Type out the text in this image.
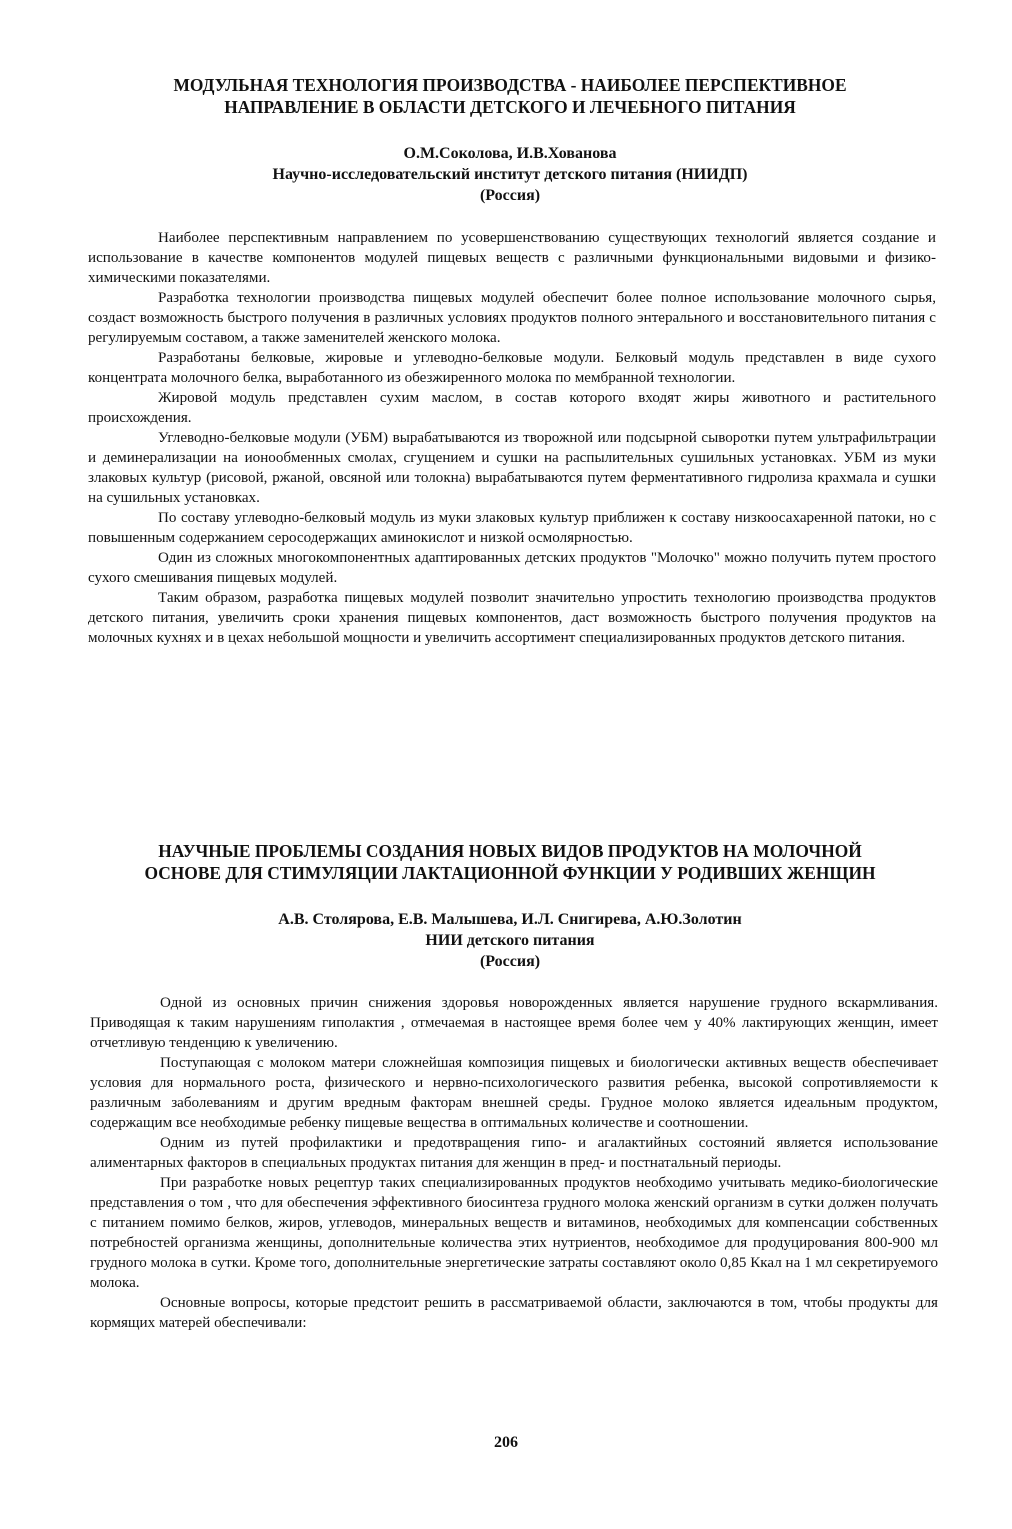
МОДУЛЬНАЯ ТЕХНОЛОГИЯ ПРОИЗВОДСТВА - НАИБОЛЕЕ ПЕРСПЕКТИВНОЕ
НАПРАВЛЕНИЕ В ОБЛАСТИ ДЕТСКОГО И ЛЕЧЕБНОГО ПИТАНИЯ
О.М.Соколова, И.В.Хованова
Научно-исследовательский институт детского питания (НИИДП)
(Россия)

Наиболее перспективным направлением по усовершенствованию существующих технологий является создание и использование в качестве компонентов модулей пищевых веществ с различными функциональными видовыми и физико-химическими показателями.

Разработка технологии производства пищевых модулей обеспечит более полное использование молочного сырья, создаст возможность быстрого получения в различных условиях продуктов полного энтерального и восстановительного питания с регулируемым составом, а также заменителей женского молока.

Разработаны белковые, жировые и углеводно-белковые модули. Белковый модуль представлен в виде сухого концентрата молочного белка, выработанного из обезжиренного молока по мембранной технологии.

Жировой модуль представлен сухим маслом, в состав которого входят жиры животного и растительного происхождения.

Углеводно-белковые модули (УБМ) вырабатываются из творожной или подсырной сыворотки путем ультрафильтрации и деминерализации на ионообменных смолах, сгущением и сушки на распылительных сушильных установках. УБМ из муки злаковых культур (рисовой, ржаной, овсяной или толокна) вырабатываются путем ферментативного гидролиза крахмала и сушки на сушильных установках.

По составу углеводно-белковый модуль из муки злаковых культур приближен к составу низкоосахаренной патоки, но с повышенным содержанием серосодержащих аминокислот и низкой осмолярностью.

Один из сложных многокомпонентных адаптированных детских продуктов "Молочко" можно получить путем простого сухого смешивания пищевых модулей.

Таким образом, разработка пищевых модулей позволит значительно упростить технологию производства продуктов детского питания, увеличить сроки хранения пищевых компонентов, даст возможность быстрого получения продуктов на молочных кухнях и в цехах небольшой мощности и увеличить ассортимент специализированных продуктов детского питания.

НАУЧНЫЕ ПРОБЛЕМЫ СОЗДАНИЯ НОВЫХ ВИДОВ ПРОДУКТОВ НА МОЛОЧНОЙ
ОСНОВЕ ДЛЯ СТИМУЛЯЦИИ ЛАКТАЦИОННОЙ ФУНКЦИИ У РОДИВШИХ ЖЕНЩИН
А.В. Столярова, Е.В. Малышева, И.Л. Снигирева, А.Ю.Золотин
НИИ детского питания
(Россия)

Одной из основных причин снижения здоровья новорожденных является нарушение грудного вскармливания. Приводящая к таким нарушениям гиполактия , отмечаемая в настоящее время более чем у 40% лактирующих женщин, имеет отчетливую тенденцию к увеличению.

Поступающая с молоком матери сложнейшая композиция пищевых и биологически активных веществ обеспечивает условия для нормального роста, физического и нервно-психологического развития ребенка, высокой сопротивляемости к различным заболеваниям и другим вредным факторам внешней среды. Грудное молоко является идеальным продуктом, содержащим все необходимые ребенку пищевые вещества в оптимальных количестве и соотношении.

Одним из путей профилактики и предотвращения гипо- и агалактийных состояний является использование алиментарных факторов в специальных продуктах питания для женщин в пред- и постнатальный периоды.

При разработке новых рецептур таких специализированных продуктов необходимо учитывать медико-биологические представления о том , что для обеспечения эффективного биосинтеза грудного молока женский организм в сутки должен получать с питанием помимо белков, жиров, углеводов, минеральных веществ и витаминов, необходимых для компенсации собственных потребностей организма женщины, дополнительные количества этих нутриентов, необходимое для продуцирования 800-900 мл грудного молока в сутки. Кроме того, дополнительные энергетические затраты составляют около 0,85 Ккал на 1 мл секретируемого молока.

Основные вопросы, которые предстоит решить в рассматриваемой области, заключаются в том, чтобы продукты для кормящих матерей обеспечивали:

206
